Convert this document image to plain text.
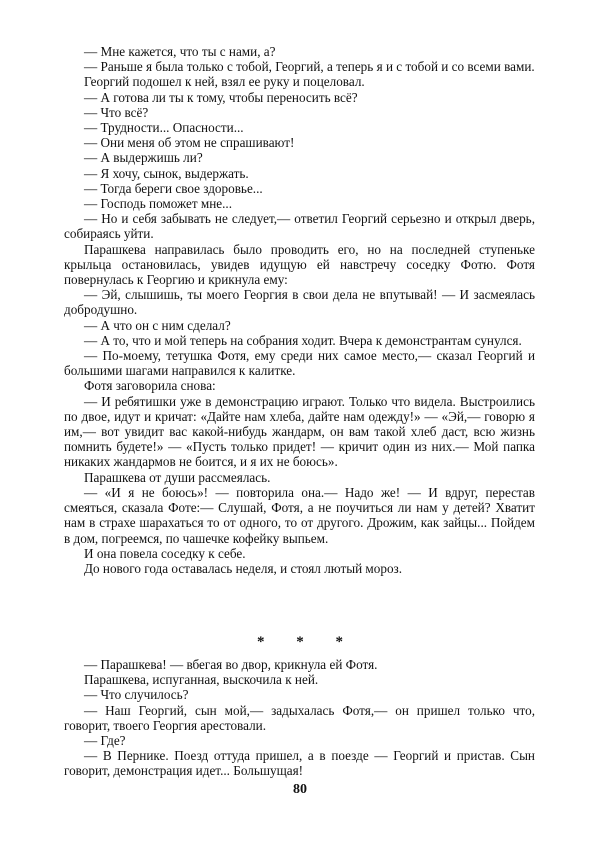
— Мне кажется, что ты с нами, а?

— Раньше я была только с тобой, Георгий, а теперь я и с тобой и со всеми вами.

Георгий подошел к ней, взял ее руку и поцеловал.

— А готова ли ты к тому, чтобы переносить всё?

— Что всё?

— Трудности... Опасности...

— Они меня об этом не спрашивают!

— А выдержишь ли?

— Я хочу, сынок, выдержать.

— Тогда береги свое здоровье...

— Господь поможет мне...

— Но и себя забывать не следует,— ответил Георгий серьезно и открыл дверь, собираясь уйти.

Парашкева направилась было проводить его, но на последней ступеньке крыльца остановилась, увидев идущую ей навстречу соседку Фотю. Фотя повернулась к Георгию и крикнула ему:

— Эй, слышишь, ты моего Георгия в свои дела не впутывай! — И засмеялась добродушно.

— А что он с ним сделал?

— А то, что и мой теперь на собрания ходит. Вчера к демонстрантам сунулся.

— По-моему, тетушка Фотя, ему среди них самое место,— сказал Георгий и большими шагами направился к калитке.

Фотя заговорила снова:

— И ребятишки уже в демонстрацию играют. Только что видела. Выстроились по двое, идут и кричат: «Дайте нам хлеба, дайте нам одежду!» — «Эй,— говорю я им,— вот увидит вас какой-нибудь жандарм, он вам такой хлеб даст, всю жизнь помнить будете!» — «Пусть только придет! — кричит один из них.— Мой папка никаких жандармов не боится, и я их не боюсь».

Парашкева от души рассмеялась.

— «И я не боюсь»! — повторила она.— Надо же! — И вдруг, перестав смеяться, сказала Фоте:— Слушай, Фотя, а не поучиться ли нам у детей? Хватит нам в страхе шарахаться то от одного, то от другого. Дрожим, как зайцы... Пойдем в дом, погреемся, по чашечке кофейку выпьем.

И она повела соседку к себе.

До нового года оставалась неделя, и стоял лютый мороз.

* * *

— Парашкева! — вбегая во двор, крикнула ей Фотя.

Парашкева, испуганная, выскочила к ней.

— Что случилось?

— Наш Георгий, сын мой,— задыхалась Фотя,— он пришел только что, говорит, твоего Георгия арестовали.

— Где?

— В Пернике. Поезд оттуда пришел, а в поезде — Георгий и пристав. Сын говорит, демонстрация идет... Большущая!

80
